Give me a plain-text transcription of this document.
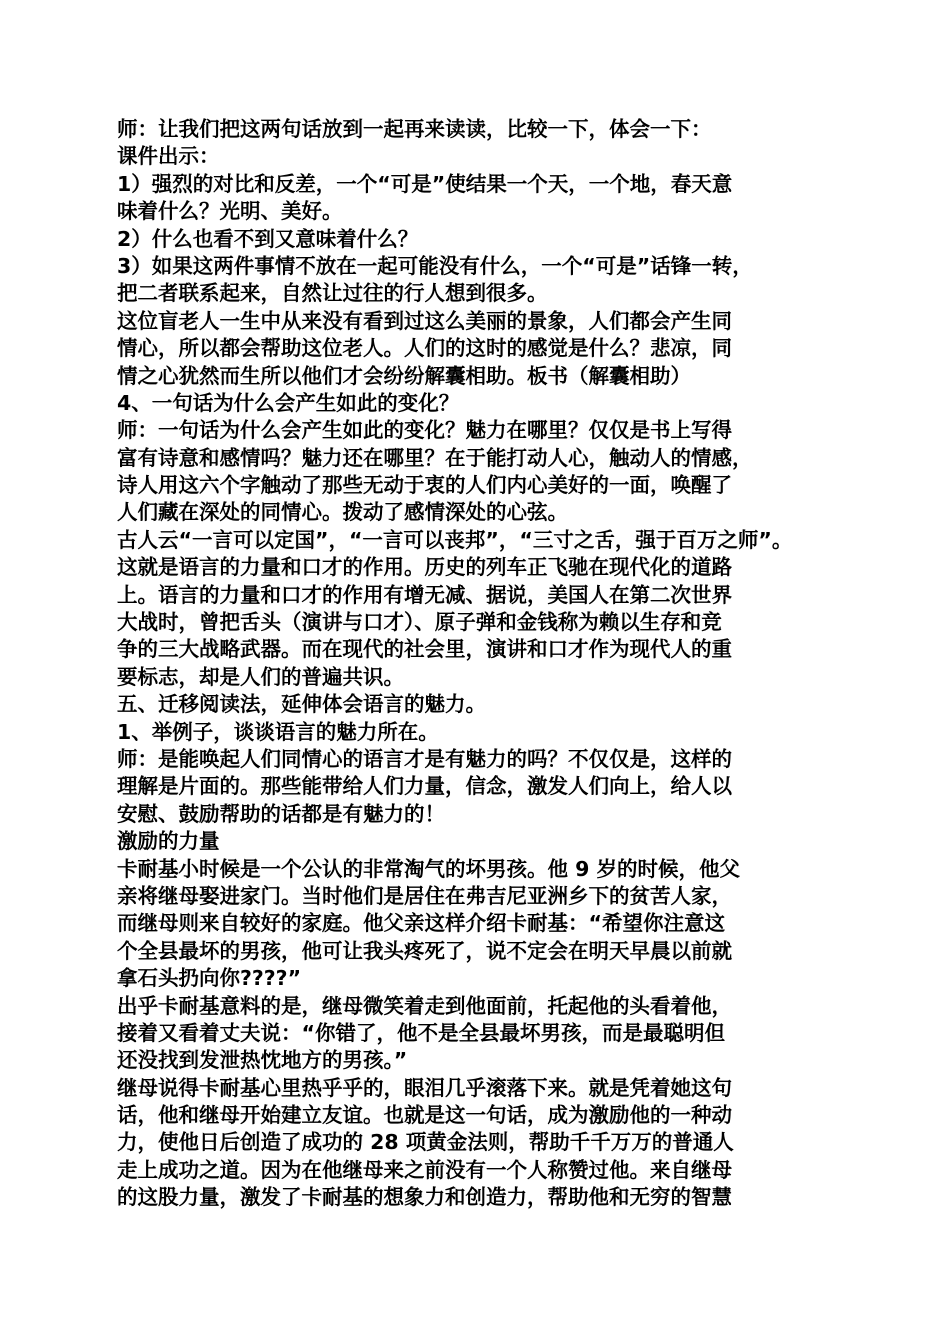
师：让我们把这两句话放到一起再来读读，比较一下，体会一下：
课件出示：
1）强烈的对比和反差，一个“可是”使结果一个天，一个地，春天意
味着什么？光明、美好。
2）什么也看不到又意味着什么？
3）如果这两件事情不放在一起可能没有什么，一个“可是”话锋一转，
把二者联系起来，自然让过往的行人想到很多。
这位盲老人一生中从来没有看到过这么美丽的景象，人们都会产生同
情心，所以都会帮助这位老人。人们的这时的感觉是什么？悲凉，同
情之心犹然而生所以他们才会纷纷解囊相助。板书（解囊相助）
4、一句话为什么会产生如此的变化？
师：一句话为什么会产生如此的变化？魅力在哪里？仅仅是书上写得
富有诗意和感情吗？魅力还在哪里？在于能打动人心，触动人的情感，
诗人用这六个字触动了那些无动于衷的人们内心美好的一面，唤醒了
人们藏在深处的同情心。拨动了感情深处的心弦。
古人云“一言可以定国”，“一言可以丧邦”，“三寸之舌，强于百万之师”。
这就是语言的力量和口才的作用。历史的列车正飞驰在现代化的道路
上。语言的力量和口才的作用有增无减、据说，美国人在第二次世界
大战时，曾把舌头（演讲与口才）、原子弹和金钱称为赖以生存和竞
争的三大战略武器。而在现代的社会里，演讲和口才作为现代人的重
要标志，却是人们的普遍共识。
五、迁移阅读法，延伸体会语言的魅力。
1、举例子，谈谈语言的魅力所在。
师：是能唤起人们同情心的语言才是有魅力的吗？不仅仅是，这样的
理解是片面的。那些能带给人们力量，信念，激发人们向上，给人以
安慰、鼓励帮助的话都是有魅力的！
激励的力量
卡耐基小时候是一个公认的非常淘气的坏男孩。他 9 岁的时候，他父
亲将继母娶进家门。当时他们是居住在弗吉尼亚洲乡下的贫苦人家，
而继母则来自较好的家庭。他父亲这样介绍卡耐基：“希望你注意这
个全县最坏的男孩，他可让我头疼死了，说不定会在明天早晨以前就
拿石头扔向你????”
出乎卡耐基意料的是，继母微笑着走到他面前，托起他的头看着他，
接着又看着丈夫说：“你错了，他不是全县最坏男孩，而是最聪明但
还没找到发泄热忱地方的男孩。”
继母说得卡耐基心里热乎乎的，眼泪几乎滚落下来。就是凭着她这句
话，他和继母开始建立友谊。也就是这一句话，成为激励他的一种动
力，使他日后创造了成功的 28 项黄金法则，帮助千千万万的普通人
走上成功之道。因为在他继母来之前没有一个人称赞过他。来自继母
的这股力量，激发了卡耐基的想象力和创造力，帮助他和无穷的智慧
